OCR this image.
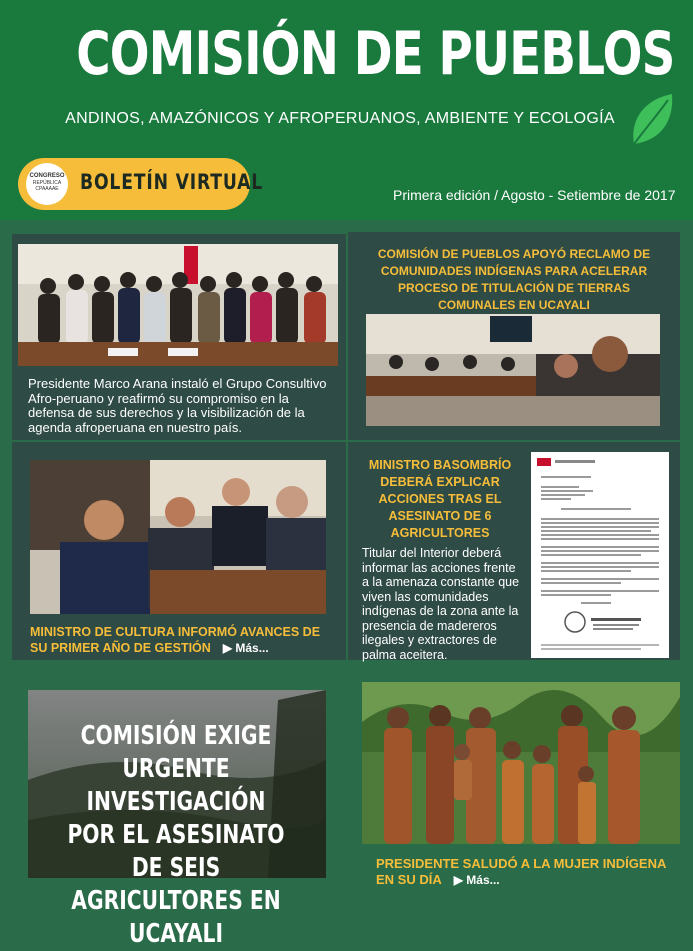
COMISIÓN DE PUEBLOS
ANDINOS, AMAZÓNICOS Y AFROPERUANOS, AMBIENTE Y ECOLOGÍA
CONGRESO
REPÚBLICA
CPAAAAE	BOLETÍN VIRTUAL
Primera edición / Agosto - Setiembre de 2017
Presidente Marco Arana instaló el Grupo Consultivo Afro-peruano y reafirmó su compromiso en la defensa de sus derechos y la visibilización de la agenda afroperuana en nuestro país.
COMISIÓN DE PUEBLOS APOYÓ RECLAMO DE COMUNIDADES INDÍGENAS PARA ACELERAR PROCESO DE TITULACIÓN DE TIERRAS COMUNALES EN UCAYALI
MINISTRO DE CULTURA INFORMÓ AVANCES DE SU PRIMER AÑO DE GESTIÓN ▶ Más...
MINISTRO BASOMBRÍO DEBERÁ EXPLICAR ACCIONES TRAS EL ASESINATO DE 6 AGRICULTORES
Titular del Interior deberá informar las acciones frente a la amenaza constante que viven las comunidades indígenas de la zona ante la presencia de madereros ilegales y extractores de palma aceitera.
COMISIÓN EXIGE URGENTE INVESTIGACIÓN POR EL ASESINATO DE SEIS AGRICULTORES EN UCAYALI
PRESIDENTE SALUDÓ A LA MUJER INDÍGENA EN SU DÍA ▶ Más...
